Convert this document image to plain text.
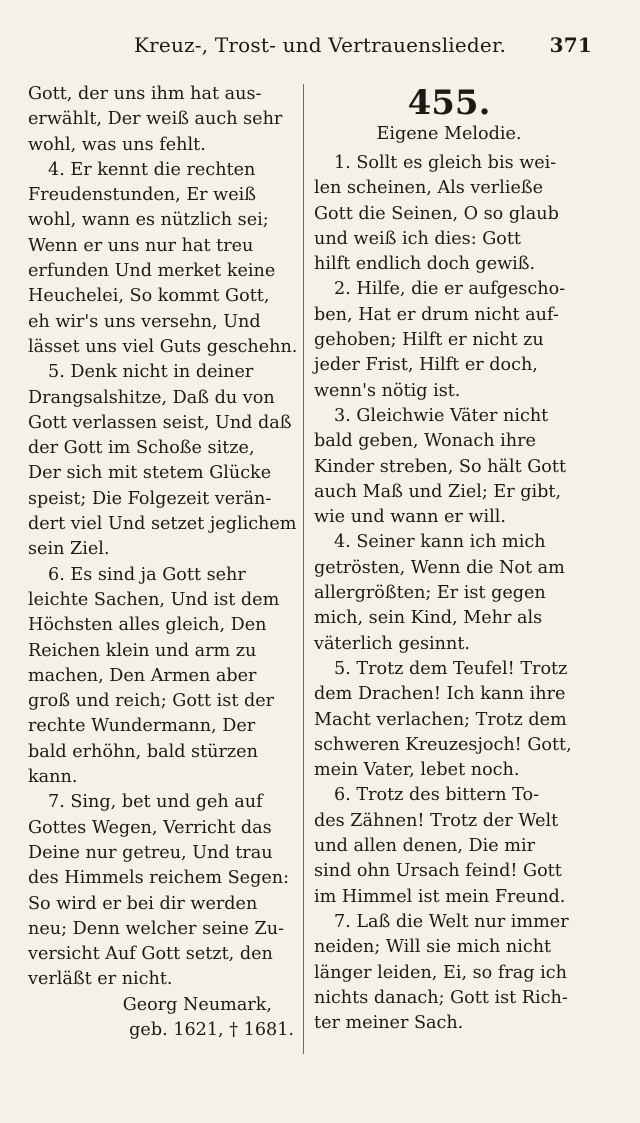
Kreuz-, Trost- und Vertrauenslieder. 371
Gott, der uns ihm hat aus-
erwählt, Der weiß auch sehr
wohl, was uns fehlt.
4. Er kennt die rechten
Freudenstunden, Er weiß
wohl, wann es nützlich sei;
Wenn er uns nur hat treu
erfunden Und merket keine
Heuchelei, So kommt Gott,
eh wir's uns versehn, Und
lässet uns viel Guts geschehn.
5. Denk nicht in deiner
Drangsalshitze, Daß du von
Gott verlassen seist, Und daß
der Gott im Schoße sitze,
Der sich mit stetem Glücke
speist; Die Folgezeit verän-
dert viel Und setzet jeglichem
sein Ziel.
6. Es sind ja Gott sehr
leichte Sachen, Und ist dem
Höchsten alles gleich, Den
Reichen klein und arm zu
machen, Den Armen aber
groß und reich; Gott ist der
rechte Wundermann, Der
bald erhöhn, bald stürzen
kann.
7. Sing, bet und geh auf
Gottes Wegen, Verricht das
Deine nur getreu, Und trau
des Himmels reichem Segen:
So wird er bei dir werden
neu; Denn welcher seine Zu-
versicht Auf Gott setzt, den
verläßt er nicht.

Georg Neumark,

geb. 1621, † 1681.

455.
Eigene Melodie.
1. Sollt es gleich bis wei-
len scheinen, Als verließe
Gott die Seinen, O so glaub
und weiß ich dies: Gott
hilft endlich doch gewiß.
2. Hilfe, die er aufgescho-
ben, Hat er drum nicht auf-
gehoben; Hilft er nicht zu
jeder Frist, Hilft er doch,
wenn's nötig ist.
3. Gleichwie Väter nicht
bald geben, Wonach ihre
Kinder streben, So hält Gott
auch Maß und Ziel; Er gibt,
wie und wann er will.
4. Seiner kann ich mich
getrösten, Wenn die Not am
allergrößten; Er ist gegen
mich, sein Kind, Mehr als
väterlich gesinnt.
5. Trotz dem Teufel! Trotz
dem Drachen! Ich kann ihre
Macht verlachen; Trotz dem
schweren Kreuzesjoch! Gott,
mein Vater, lebet noch.
6. Trotz des bittern To-
des Zähnen! Trotz der Welt
und allen denen, Die mir
sind ohn Ursach feind! Gott
im Himmel ist mein Freund.
7. Laß die Welt nur immer
neiden; Will sie mich nicht
länger leiden, Ei, so frag ich
nichts danach; Gott ist Rich-
ter meiner Sach.
